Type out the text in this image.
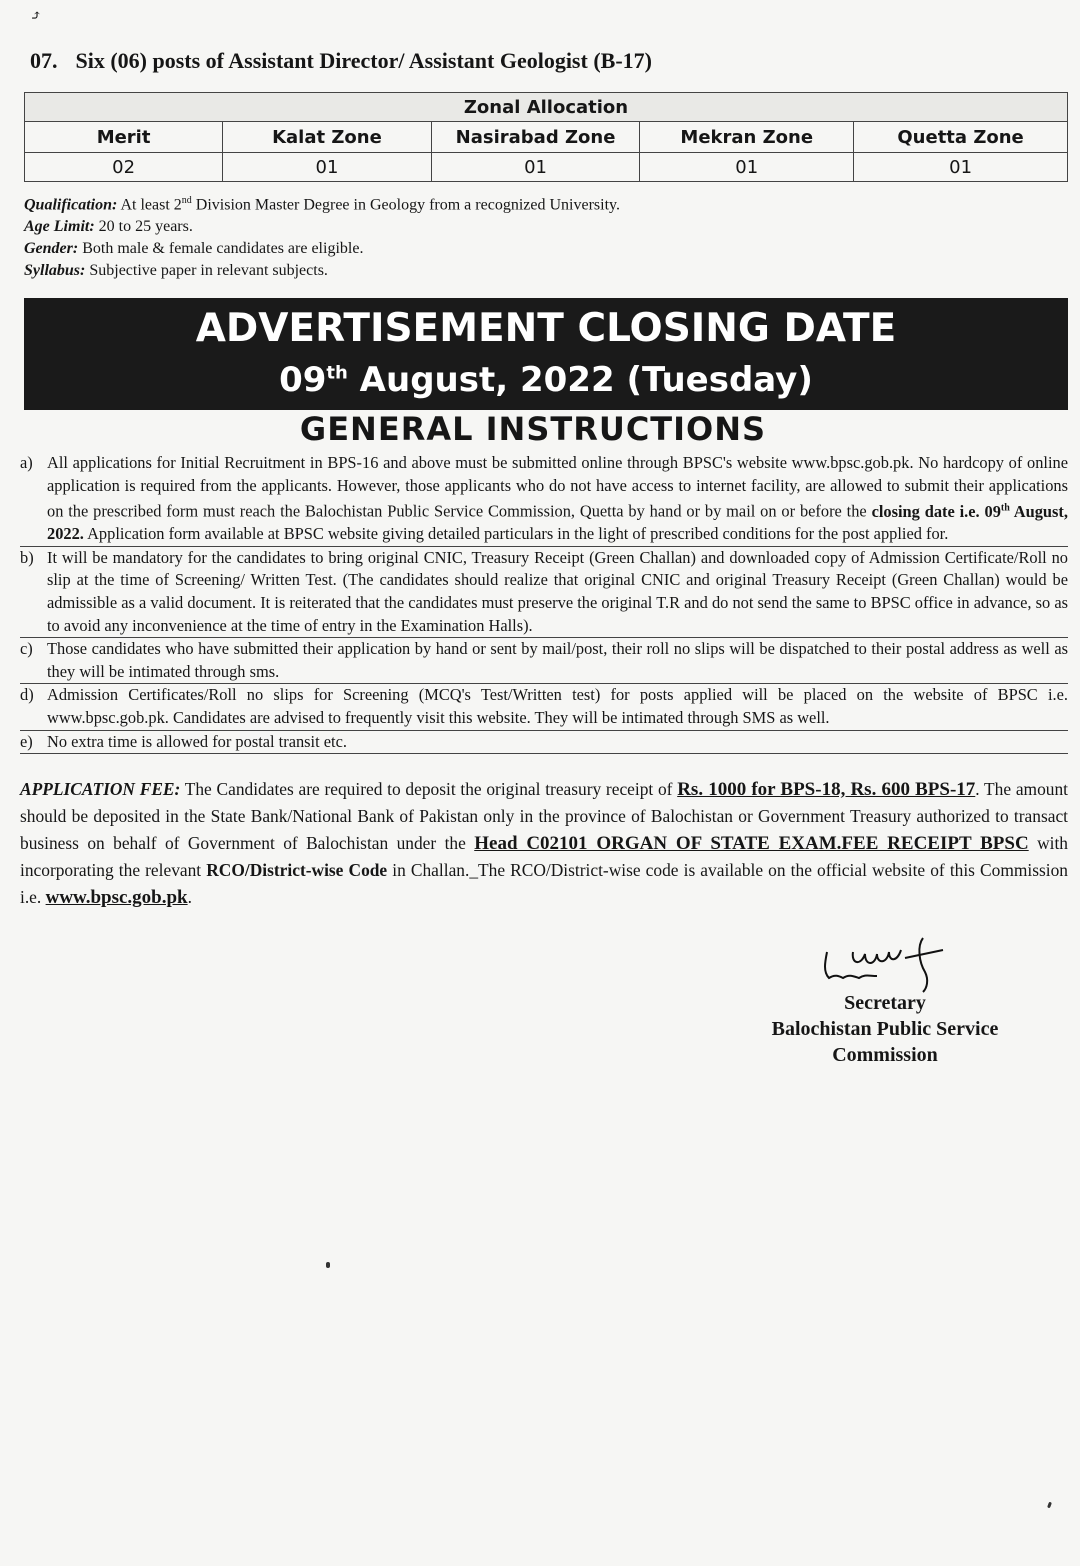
⤴
07. Six (06) posts of Assistant Director/ Assistant Geologist (B-17)
Zonal Allocation				
Merit	Kalat Zone	Nasirabad Zone	Mekran Zone	Quetta Zone
02	01	01	01	01
Qualification: At least 2nd Division Master Degree in Geology from a recognized University.
Age Limit: 20 to 25 years.
Gender: Both male & female candidates are eligible.
Syllabus: Subjective paper in relevant subjects.
ADVERTISEMENT CLOSING DATE
09th August, 2022 (Tuesday)
GENERAL INSTRUCTIONS
a) All applications for Initial Recruitment in BPS-16 and above must be submitted online through BPSC's website www.bpsc.gob.pk. No hardcopy of online application is required from the applicants. However, those applicants who do not have access to internet facility, are allowed to submit their applications on the prescribed form must reach the Balochistan Public Service Commission, Quetta by hand or by mail on or before the closing date i.e. 09th August, 2022. Application form available at BPSC website giving detailed particulars in the light of prescribed conditions for the post applied for.
b) It will be mandatory for the candidates to bring original CNIC, Treasury Receipt (Green Challan) and downloaded copy of Admission Certificate/Roll no slip at the time of Screening/ Written Test. (The candidates should realize that original CNIC and original Treasury Receipt (Green Challan) would be admissible as a valid document. It is reiterated that the candidates must preserve the original T.R and do not send the same to BPSC office in advance, so as to avoid any inconvenience at the time of entry in the Examination Halls).
c) Those candidates who have submitted their application by hand or sent by mail/post, their roll no slips will be dispatched to their postal address as well as they will be intimated through sms.
d) Admission Certificates/Roll no slips for Screening (MCQ's Test/Written test) for posts applied will be placed on the website of BPSC i.e. www.bpsc.gob.pk. Candidates are advised to frequently visit this website. They will be intimated through SMS as well.
e) No extra time is allowed for postal transit etc.
APPLICATION FEE: The Candidates are required to deposit the original treasury receipt of Rs. 1000 for BPS-18, Rs. 600 BPS-17. The amount should be deposited in the State Bank/National Bank of Pakistan only in the province of Balochistan or Government Treasury authorized to transact business on behalf of Government of Balochistan under the Head C02101 ORGAN OF STATE EXAM.FEE RECEIPT BPSC with incorporating the relevant RCO/District-wise Code in Challan._The RCO/District-wise code is available on the official website of this Commission i.e. www.bpsc.gob.pk.
Secretary
Balochistan Public Service
Commission
